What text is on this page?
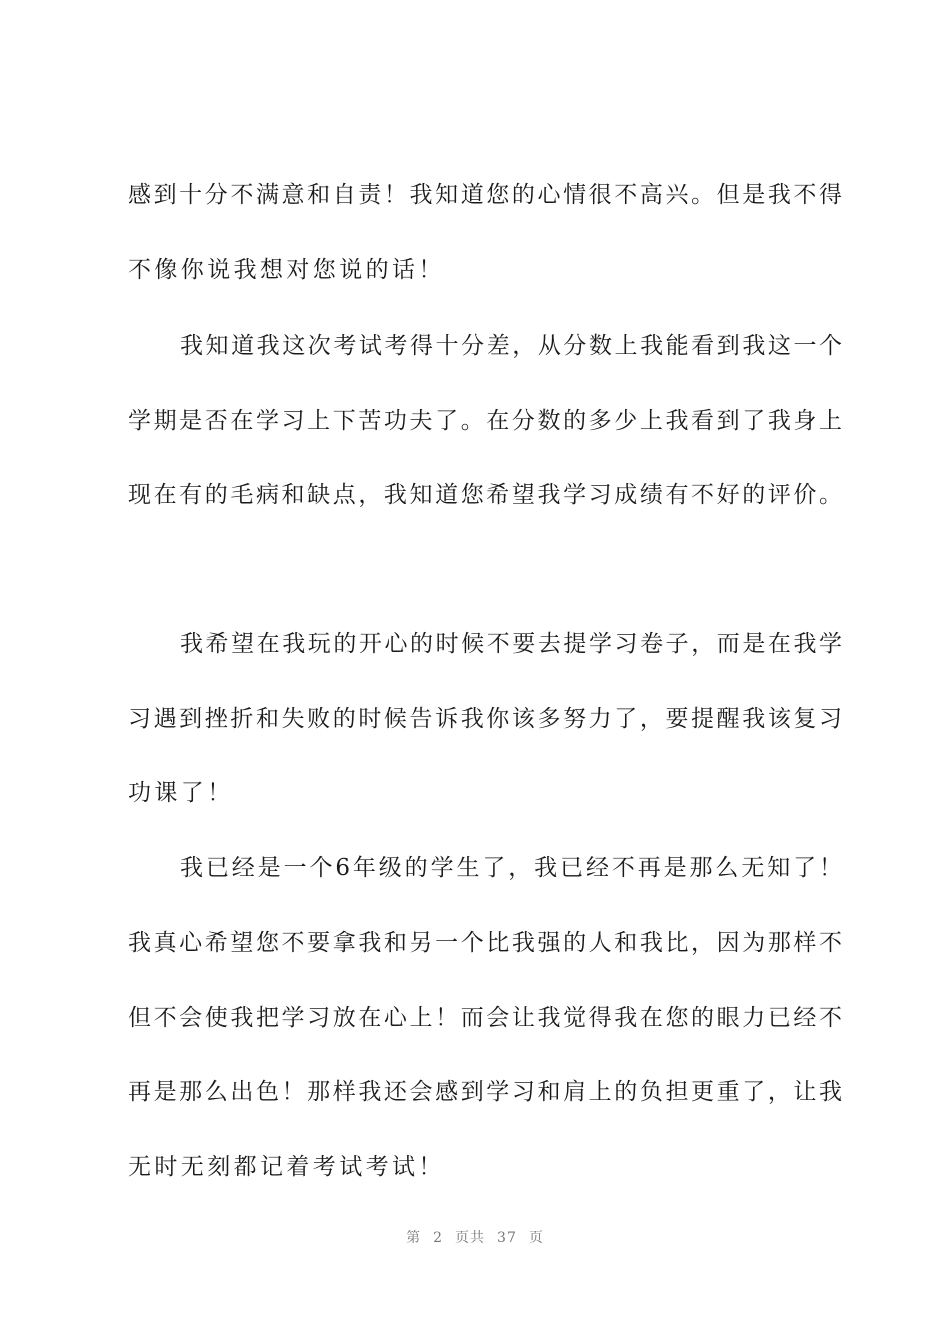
感到十分不满意和自责！我知道您的心情很不高兴。但是我不得
不像你说我想对您说的话！
我知道我这次考试考得十分差，从分数上我能看到我这一个
学期是否在学习上下苦功夫了。在分数的多少上我看到了我身上
现在有的毛病和缺点，我知道您希望我学习成绩有不好的评价。
我希望在我玩的开心的时候不要去提学习卷子，而是在我学
习遇到挫折和失败的时候告诉我你该多努力了，要提醒我该复习
功课了！
我已经是一个6年级的学生了，我已经不再是那么无知了！
我真心希望您不要拿我和另一个比我强的人和我比，因为那样不
但不会使我把学习放在心上！而会让我觉得我在您的眼力已经不
再是那么出色！那样我还会感到学习和肩上的负担更重了，让我
无时无刻都记着考试考试！
第 2 页共 37 页
